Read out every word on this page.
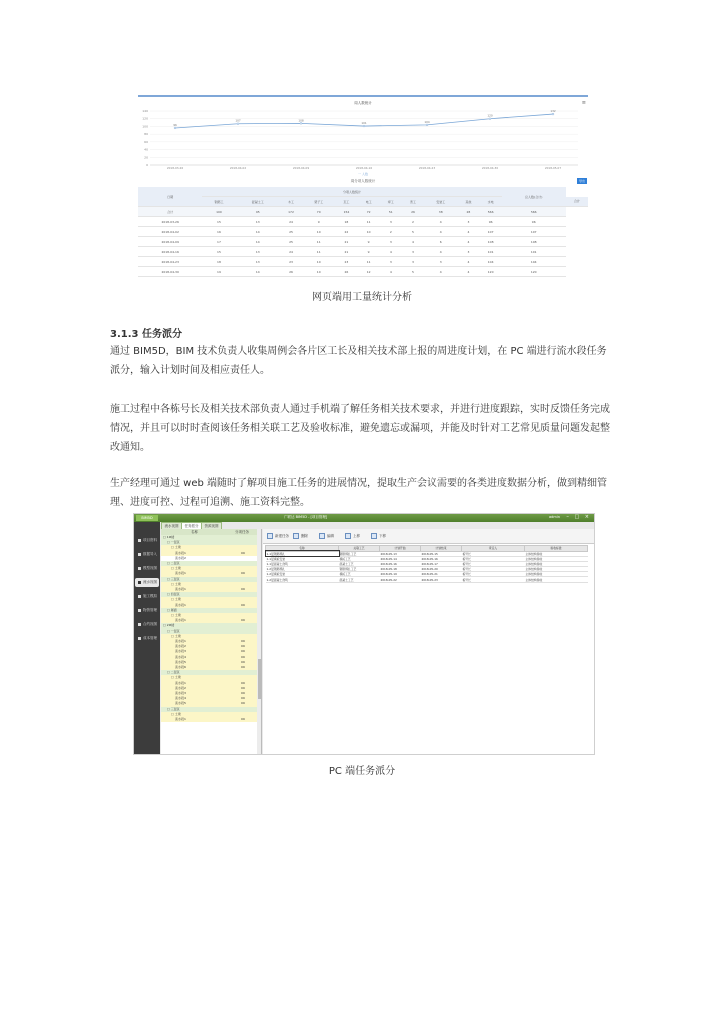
周人数统计	≡
0
20
40
60
80
100
120
140
96
2018-03-26
107
2018-04-02
108
2018-04-09
101
2018-04-16
104
2018-04-23
120
2018-04-30
132
2018-05-07
一 人数
周分项人数统计	导出
日期	分项人数统计											总人数(合计)	
	钢筋工	混凝土工	木工	架子工	瓦工	电工	焊工	普工	安装工	其他	水电		合计
合计	100	95	172	70	154	72	51	26	38	28	566	566	
2018-03-26	15	13	24	9	18	11	3	2	4	3	96	96	
2018-04-02	16	14	25	10	22	10	2	5	4	4	107	107	
2018-04-09	17	14	25	11	21	9	3	4	6	4	108	108	
2018-04-16	15	13	24	11	21	9	4	3	4	3	101	101	
2018-04-23	18	13	23	10	23	11	3	3	3	4	104	104	
2018-04-30	19	14	26	10	26	12	4	5	4	4	120	120	
网页端用工量统计分析
3.1.3 任务派分
通过 BIM5D，BIM 技术负责人收集周例会各片区工长及相关技术部上报的周进度计划，在 PC 端进行流水段任务派分，输入计划时间及相应责任人。
施工过程中各栋号长及相关技术部负责人通过手机端了解任务相关技术要求，并进行进度跟踪，实时反馈任务完成情况，并且可以时时查阅该任务相关联工艺及验收标准，避免遗忘或漏项，并能及时针对工艺常见质量问题发起整改通知。
生产经理可通过 web 端随时了解项目施工任务的进展情况，提取生产会议需要的各类进度数据分析，做到精细管理、进度可控、过程可追溯、施工资料完整。
BIM5D	广联达 BIM5D - [项目管理]	admin – □ ×
项目资料
数据导入
模型视图
流水视图
施工模拟
物资管理
合约视图
成本管理
流水视图	任务派分	资源视图
名称	分项任务
□ 1#楼
□ 一层区
□ 土建
流水段1	09
流水段2
□ 二层区
□ 土建
流水段1	09
□ 三层区
□ 土建
流水段1	09
□ 四层区
□ 土建
流水段1	09
□ 屋面
□ 土建
流水段1	09
□ 2#楼
□ 一层区
□ 土建
流水段1	09
流水段2	09
流水段3	09
流水段4	09
流水段5	09
流水段6	09
□ 二层区
□ 土建
流水段1	09
流水段2	09
流水段3	09
流水段4	09
流水段5	09
□ 三层区
□ 土建
流水段1	09
新建任务	删除	编辑	上移	下移
名称	关联工艺	计划开始	计划结束	责任人	验收标准
1-1层钢筋绑扎	钢筋绑扎工艺	2018-05-13	2018-05-15	栋号长	主体结构验收
1-1层模板安装	模板工艺	2018-05-14	2018-05-16	栋号长	主体结构验收
1-1层混凝土浇筑	混凝土工艺	2018-05-16	2018-05-17	栋号长	主体结构验收
1-2层钢筋绑扎	钢筋绑扎工艺	2018-05-18	2018-05-20	栋号长	主体结构验收
1-2层模板安装	模板工艺	2018-05-19	2018-05-21	栋号长	主体结构验收
1-2层混凝土浇筑	混凝土工艺	2018-05-22	2018-05-23	栋号长	主体结构验收
PC 端任务派分
